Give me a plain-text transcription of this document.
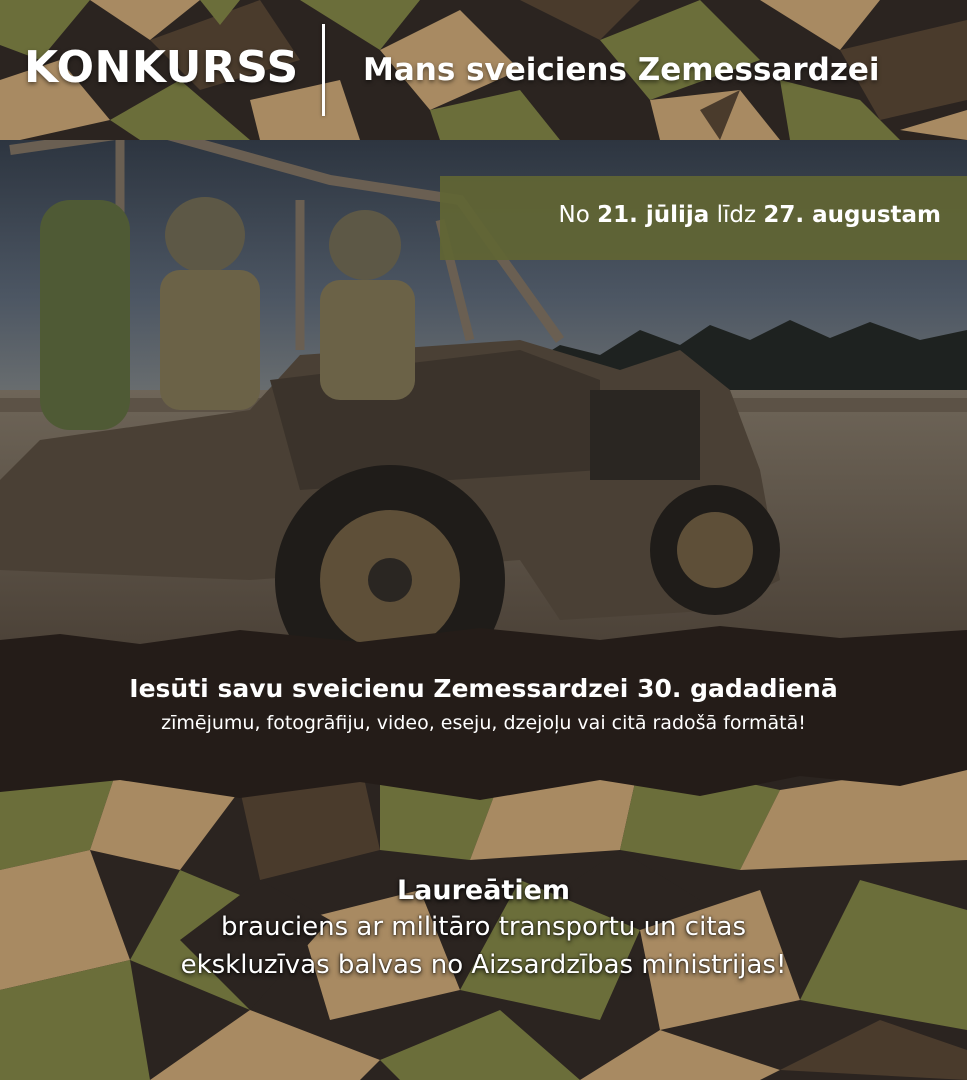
KONKURSS Mans sveiciens Zemessardzei
No 21. jūlija līdz 27. augustam
Iesūti savu sveicienu Zemessardzei 30. gadadienā
zīmējumu, fotogrāfiju, video, eseju, dzejoļu vai citā radošā formātā!
Laureātiem
brauciens ar militāro transportu un citas
ekskluzīvas balvas no Aizsardzības ministrijas!
